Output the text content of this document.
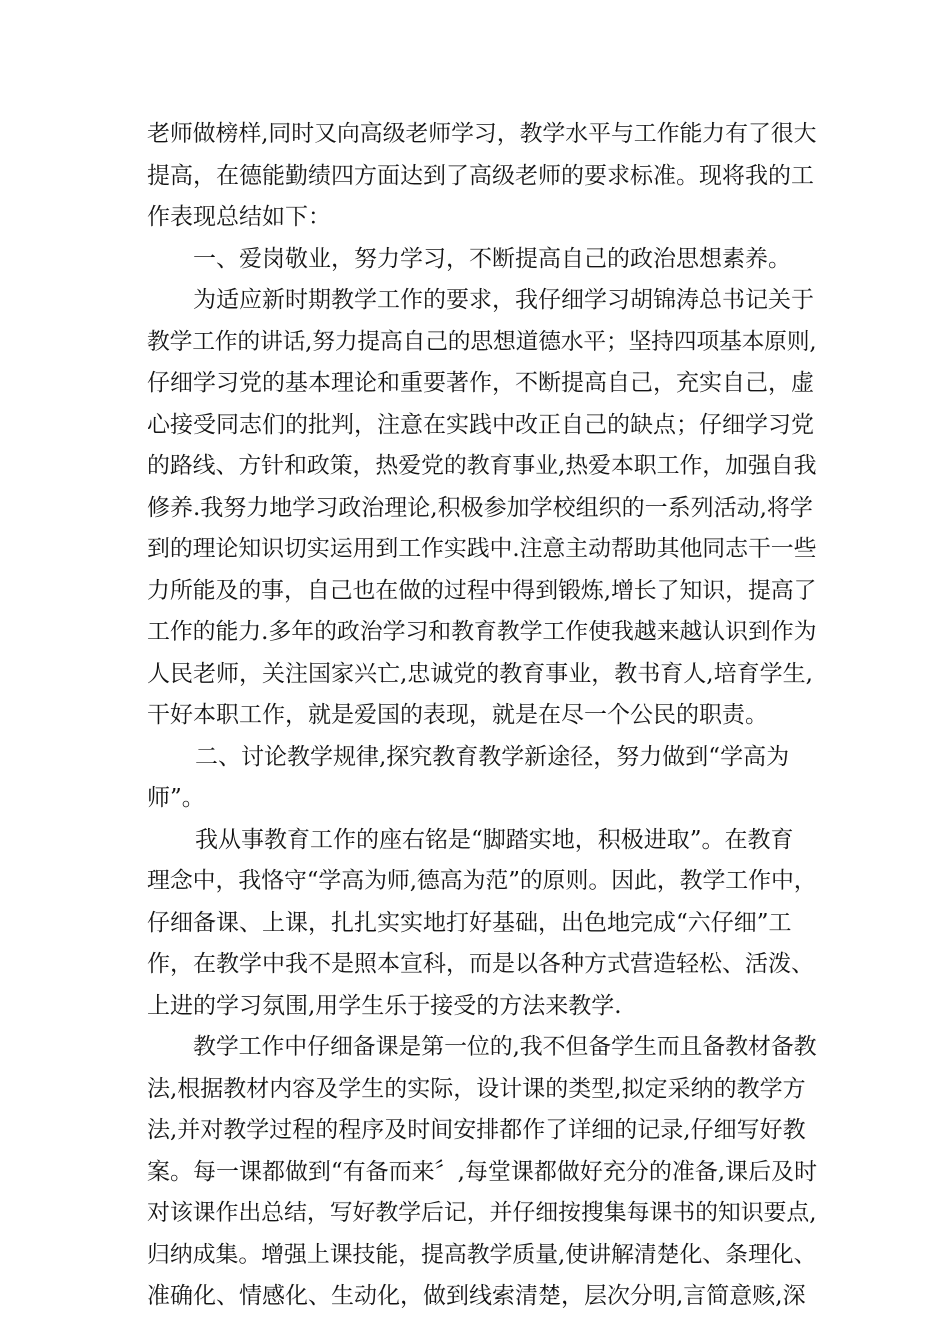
老师做榜样,同时又向高级老师学习，教学水平与工作能力有了很大
提高，在德能勤绩四方面达到了高级老师的要求标准。现将我的工
作表现总结如下：
一、爱岗敬业，努力学习，不断提高自己的政治思想素养。
为适应新时期教学工作的要求，我仔细学习胡锦涛总书记关于
教学工作的讲话,努力提高自己的思想道德水平；坚持四项基本原则,
仔细学习党的基本理论和重要著作，不断提高自己，充实自己，虚
心接受同志们的批判，注意在实践中改正自己的缺点；仔细学习党
的路线、方针和政策，热爱党的教育事业,热爱本职工作，加强自我
修养.我努力地学习政治理论,积极参加学校组织的一系列活动,将学
到的理论知识切实运用到工作实践中.注意主动帮助其他同志干一些
力所能及的事，自己也在做的过程中得到锻炼,增长了知识，提高了
工作的能力.多年的政治学习和教育教学工作使我越来越认识到作为
人民老师，关注国家兴亡,忠诚党的教育事业，教书育人,培育学生,
干好本职工作，就是爱国的表现，就是在尽一个公民的职责。
二、讨论教学规律,探究教育教学新途径，努力做到“学高为
师”。
我从事教育工作的座右铭是“脚踏实地，积极进取”。在教育
理念中，我恪守“学高为师,德高为范”的原则。因此，教学工作中，
仔细备课、上课，扎扎实实地打好基础，出色地完成“六仔细”工
作，在教学中我不是照本宣科，而是以各种方式营造轻松、活泼、
上进的学习氛围,用学生乐于接受的方法来教学.
教学工作中仔细备课是第一位的,我不但备学生而且备教材备教
法,根据教材内容及学生的实际，设计课的类型,拟定采纳的教学方
法,并对教学过程的程序及时间安排都作了详细的记录,仔细写好教
案。每一课都做到“有备而来〞,每堂课都做好充分的准备,课后及时
对该课作出总结，写好教学后记，并仔细按搜集每课书的知识要点,
归纳成集。增强上课技能，提高教学质量,使讲解清楚化、条理化、
准确化、情感化、生动化，做到线索清楚，层次分明,言简意赅,深
